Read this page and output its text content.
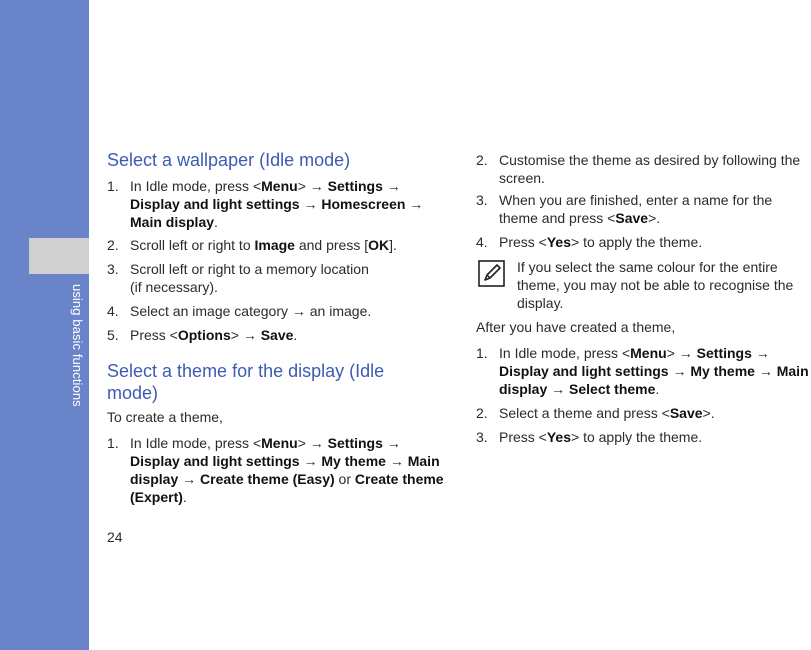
using basic functions
Select a wallpaper (Idle mode)
1. In Idle mode, press <Menu> → Settings → Display and light settings → Homescreen → Main display.
2. Scroll left or right to Image and press [OK].
3. Scroll left or right to a memory location
(if necessary).
4. Select an image category → an image.
5. Press <Options> → Save.
Select a theme for the display (Idle mode)
To create a theme,
1. In Idle mode, press <Menu> → Settings → Display and light settings → My theme → Main display → Create theme (Easy) or Create theme (Expert).
2. Customise the theme as desired by following the screen.
3. When you are finished, enter a name for the theme and press <Save>.
4. Press <Yes> to apply the theme.
If you select the same colour for the entire theme, you may not be able to recognise the display.
After you have created a theme,
1. In Idle mode, press <Menu> → Settings → Display and light settings → My theme → Main display → Select theme.
2. Select a theme and press <Save>.
3. Press <Yes> to apply the theme.
24
